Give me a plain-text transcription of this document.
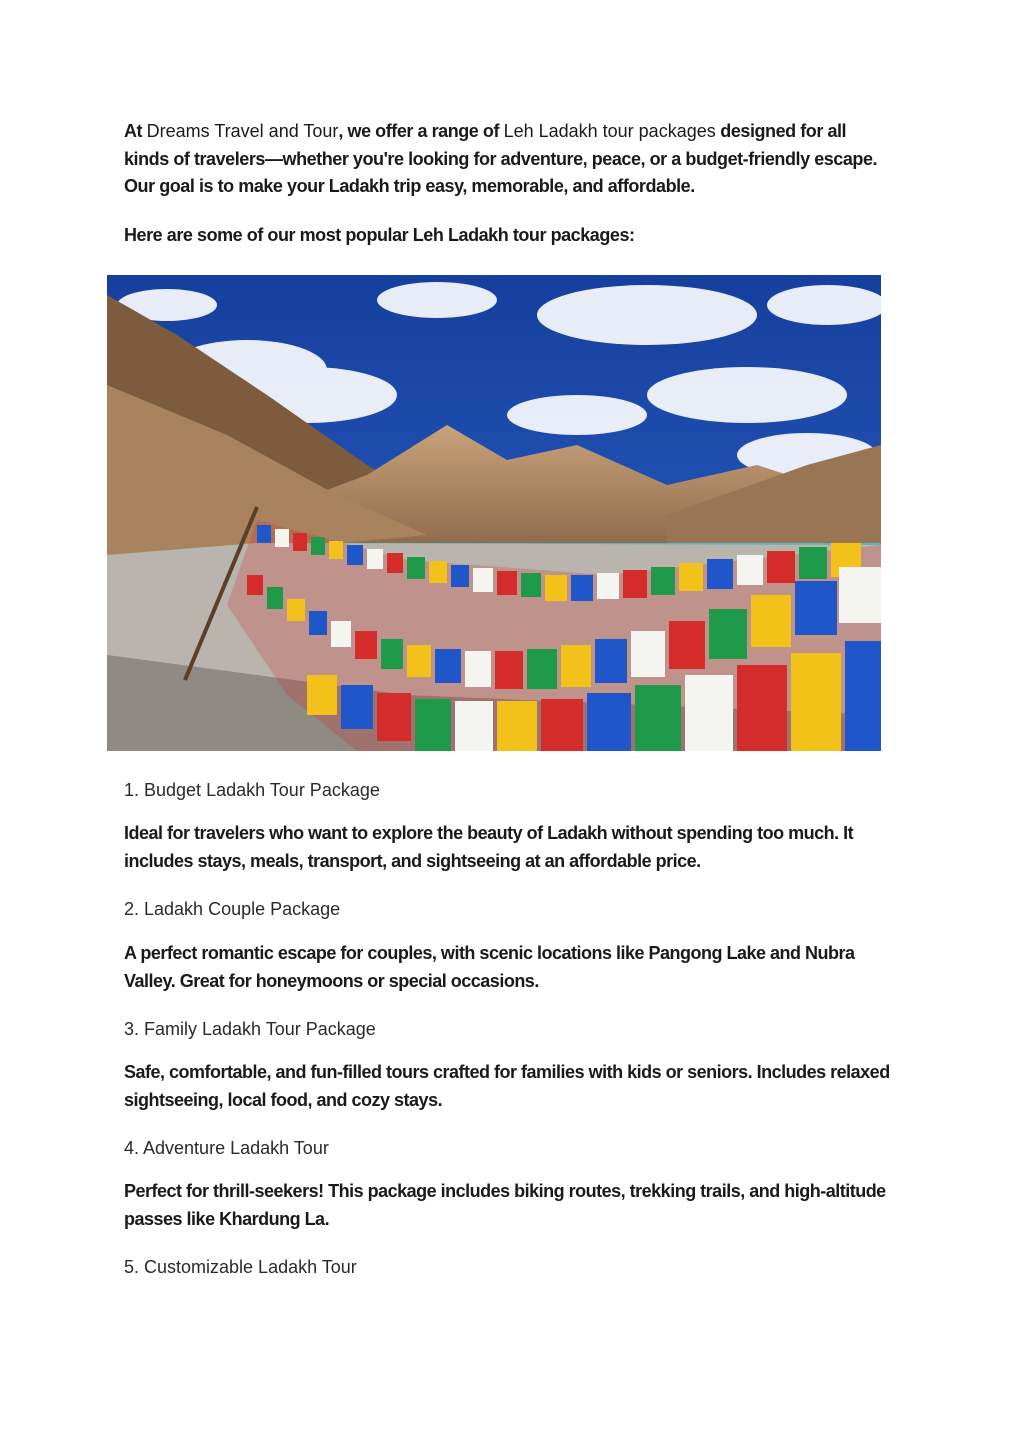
At Dreams Travel and Tour, we offer a range of Leh Ladakh tour packages designed for all kinds of travelers—whether you're looking for adventure, peace, or a budget-friendly escape. Our goal is to make your Ladakh trip easy, memorable, and affordable.

Here are some of our most popular Leh Ladakh tour packages:

1. Budget Ladakh Tour Package

Ideal for travelers who want to explore the beauty of Ladakh without spending too much. It includes stays, meals, transport, and sightseeing at an affordable price.

2. Ladakh Couple Package

A perfect romantic escape for couples, with scenic locations like Pangong Lake and Nubra Valley. Great for honeymoons or special occasions.

3. Family Ladakh Tour Package

Safe, comfortable, and fun-filled tours crafted for families with kids or seniors. Includes relaxed sightseeing, local food, and cozy stays.

4. Adventure Ladakh Tour

Perfect for thrill-seekers! This package includes biking routes, trekking trails, and high-altitude passes like Khardung La.

5. Customizable Ladakh Tour
